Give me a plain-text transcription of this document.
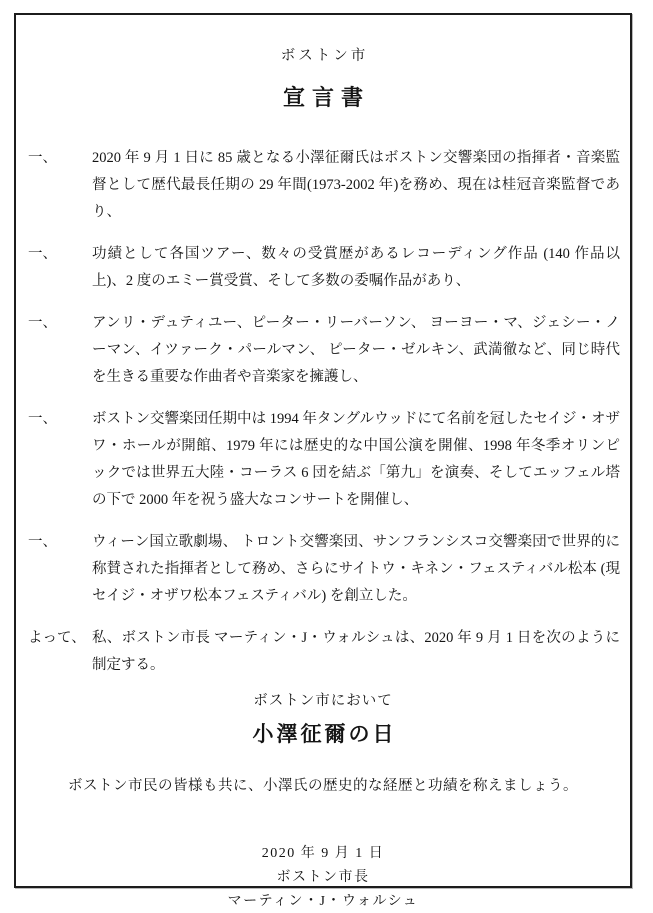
ボストン市
宣言書
一、	2020 年 9 月 1 日に 85 歳となる小澤征爾氏はボストン交響楽団の指揮者・音楽監督として歴代最長任期の 29 年間(1973-2002 年)を務め、現在は桂冠音楽監督であり、

一、	功績として各国ツアー、数々の受賞歴があるレコーディング作品 (140 作品以上)、2 度のエミー賞受賞、そして多数の委嘱作品があり、

一、	アンリ・デュティユー、ピーター・リーバーソン、 ヨーヨー・マ、ジェシー・ノーマン、イツァーク・パールマン、 ピーター・ゼルキン、武満徹など、同じ時代を生きる重要な作曲者や音楽家を擁護し、

一、	ボストン交響楽団任期中は 1994 年タングルウッドにて名前を冠したセイジ・オザワ・ホールが開館、1979 年には歴史的な中国公演を開催、1998 年冬季オリンピックでは世界五大陸・コーラス 6 団を結ぶ「第九」を演奏、そしてエッフェル塔の下で 2000 年を祝う盛大なコンサートを開催し、

一、	ウィーン国立歌劇場、 トロント交響楽団、サンフランシスコ交響楽団で世界的に称賛された指揮者として務め、さらにサイトウ・キネン・フェスティバル松本 (現セイジ・オザワ松本フェスティバル) を創立した。

よって、 私、ボストン市長 マーティン・J・ウォルシュは、2020 年 9 月 1 日を次のように制定する。

ボストン市において
小澤征爾の日
ボストン市民の皆様も共に、小澤氏の歴史的な経歴と功績を称えましょう。
2020 年 9 月 1 日
ボストン市長
マーティン・J・ウォルシュ
